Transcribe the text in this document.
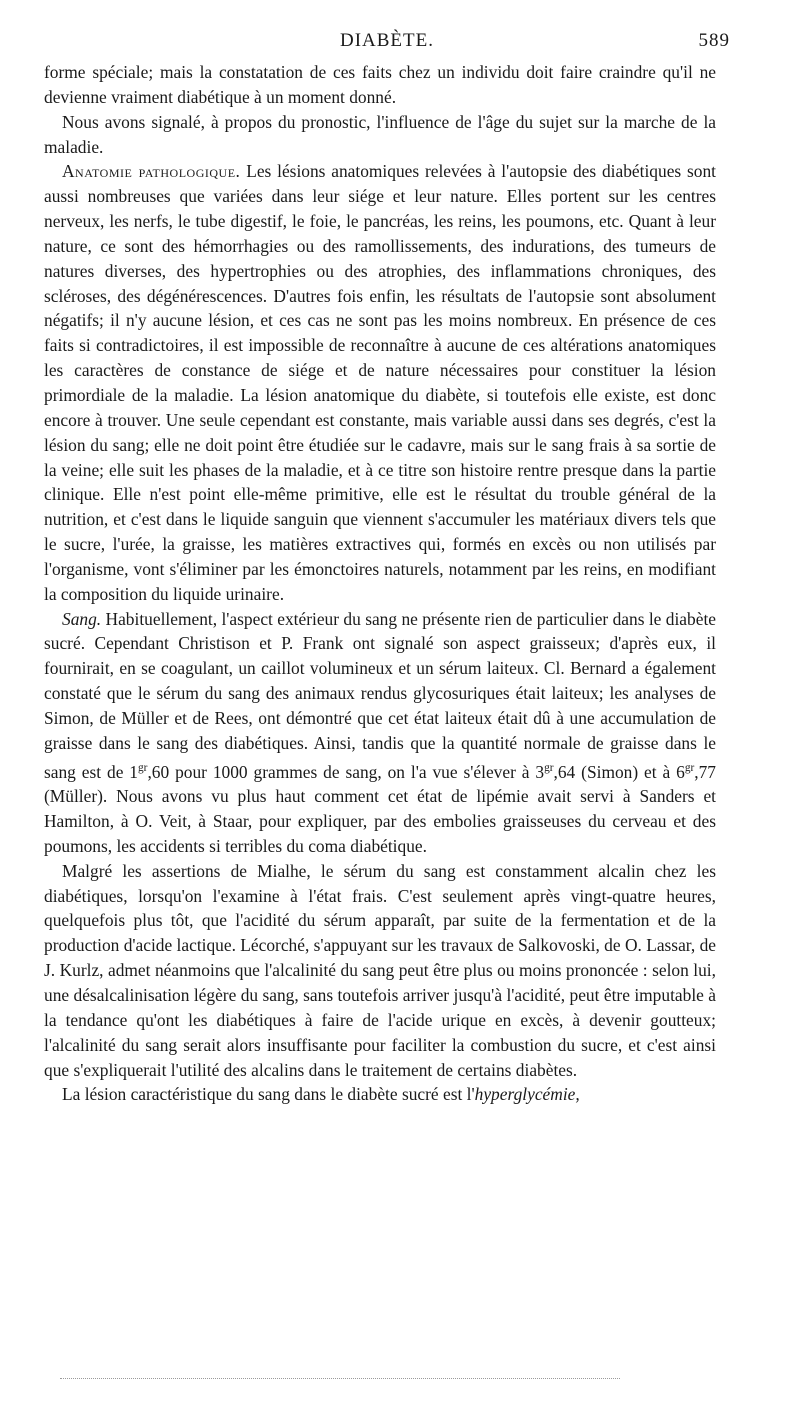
DIABÈTE.	589

forme spéciale; mais la constatation de ces faits chez un individu doit faire craindre qu'il ne devienne vraiment diabétique à un moment donné.

Nous avons signalé, à propos du pronostic, l'influence de l'âge du sujet sur la marche de la maladie.

Anatomie pathologique. Les lésions anatomiques relevées à l'autopsie des diabétiques sont aussi nombreuses que variées dans leur siége et leur nature. Elles portent sur les centres nerveux, les nerfs, le tube digestif, le foie, le pancréas, les reins, les poumons, etc. Quant à leur nature, ce sont des hémorrhagies ou des ramollissements, des indurations, des tumeurs de natures diverses, des hypertrophies ou des atrophies, des inflammations chroniques, des scléroses, des dégénérescences. D'autres fois enfin, les résultats de l'autopsie sont absolument négatifs; il n'y aucune lésion, et ces cas ne sont pas les moins nombreux. En présence de ces faits si contradictoires, il est impossible de reconnaître à aucune de ces altérations anatomiques les caractères de constance de siége et de nature nécessaires pour constituer la lésion primordiale de la maladie. La lésion anatomique du diabète, si toutefois elle existe, est donc encore à trouver. Une seule cependant est constante, mais variable aussi dans ses degrés, c'est la lésion du sang; elle ne doit point être étudiée sur le cadavre, mais sur le sang frais à sa sortie de la veine; elle suit les phases de la maladie, et à ce titre son histoire rentre presque dans la partie clinique. Elle n'est point elle-même primitive, elle est le résultat du trouble général de la nutrition, et c'est dans le liquide sanguin que viennent s'accumuler les matériaux divers tels que le sucre, l'urée, la graisse, les matières extractives qui, formés en excès ou non utilisés par l'organisme, vont s'éliminer par les émonctoires naturels, notamment par les reins, en modifiant la composition du liquide urinaire.

Sang. Habituellement, l'aspect extérieur du sang ne présente rien de particulier dans le diabète sucré. Cependant Christison et P. Frank ont signalé son aspect graisseux; d'après eux, il fournirait, en se coagulant, un caillot volumineux et un sérum laiteux. Cl. Bernard a également constaté que le sérum du sang des animaux rendus glycosuriques était laiteux; les analyses de Simon, de Müller et de Rees, ont démontré que cet état laiteux était dû à une accumulation de graisse dans le sang des diabétiques. Ainsi, tandis que la quantité normale de graisse dans le sang est de $1^{gr},60$ pour 1000 grammes de sang, on l'a vue s'élever à $3^{gr},64$ (Simon) et à $6^{gr},77$ (Müller). Nous avons vu plus haut comment cet état de lipémie avait servi à Sanders et Hamilton, à O. Veit, à Staar, pour expliquer, par des embolies graisseuses du cerveau et des poumons, les accidents si terribles du coma diabétique.

Malgré les assertions de Mialhe, le sérum du sang est constamment alcalin chez les diabétiques, lorsqu'on l'examine à l'état frais. C'est seulement après vingt-quatre heures, quelquefois plus tôt, que l'acidité du sérum apparaît, par suite de la fermentation et de la production d'acide lactique. Lécorché, s'appuyant sur les travaux de Salkovoski, de O. Lassar, de J. Kurlz, admet néanmoins que l'alcalinité du sang peut être plus ou moins prononcée : selon lui, une désalcalinisation légère du sang, sans toutefois arriver jusqu'à l'acidité, peut être imputable à la tendance qu'ont les diabétiques à faire de l'acide urique en excès, à devenir goutteux; l'alcalinité du sang serait alors insuffisante pour faciliter la combustion du sucre, et c'est ainsi que s'expliquerait l'utilité des alcalins dans le traitement de certains diabètes.

La lésion caractéristique du sang dans le diabète sucré est l'hyperglycémie,
